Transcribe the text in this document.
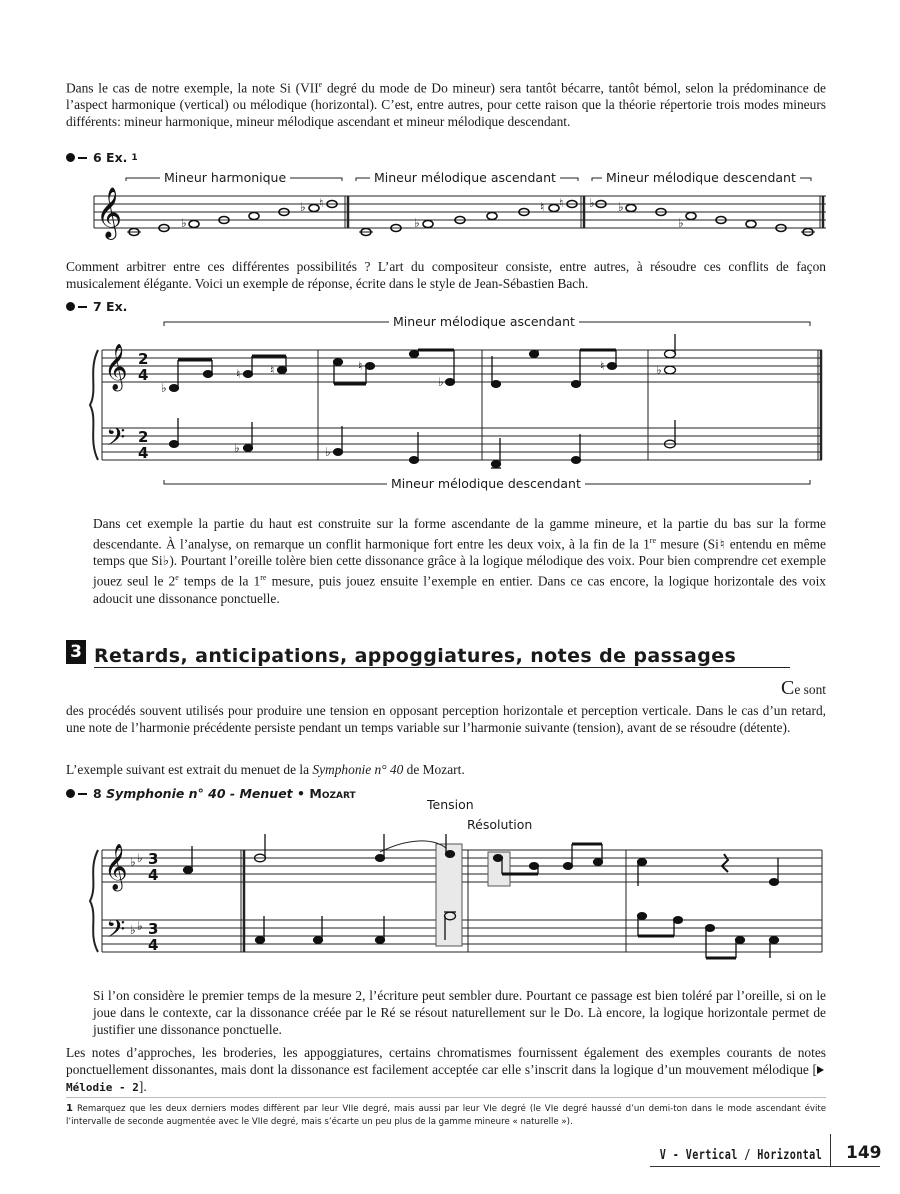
Dans le cas de notre exemple, la note Si (VIIe degré du mode de Do mineur) sera tantôt bécarre, tantôt bémol, selon la prédominance de l’aspect harmonique (vertical) ou mélodique (horizontal). C’est, entre autres, pour cette raison que la théorie répertorie trois modes mineurs différents: mineur harmonique, mineur mélodique ascendant et mineur mélodique descendant.

6 Ex. 1
𝄞	♭
♭ ♮
♭
♮ ♮ ♭ ♭
♭
Mineur harmonique	Mineur mélodique ascendant	Mineur mélodique descendant

Comment arbitrer entre ces différentes possibilités ? L’art du compositeur consiste, entre autres, à résoudre ces conflits de façon musicalement élégante. Voici un exemple de réponse, écrite dans le style de Jean-Sébastien Bach.

7 Ex.
𝄞
𝄢
2
4
2
4
♭
♮ ♮	♮
♭
♮	♭
♭	♭
Mineur mélodique ascendant
Mineur mélodique descendant

Dans cet exemple la partie du haut est construite sur la forme ascendante de la gamme mineure, et la partie du bas sur la forme descendante. À l’analyse, on remarque un conflit harmonique fort entre les deux voix, à la fin de la 1re mesure (Si♮ entendu en même temps que Si♭). Pourtant l’oreille tolère bien cette dissonance grâce à la logique mélodique des voix. Pour bien comprendre cet exemple jouez seul le 2e temps de la 1re mesure, puis jouez ensuite l’exemple en entier. Dans ce cas encore, la logique horizontale des voix adoucit une dissonance ponctuelle.

3 Retards, anticipations, appoggiatures, notes de passages
Ce sont

des procédés souvent utilisés pour produire une tension en opposant perception horizontale et perception verticale. Dans le cas d’un retard, une note de l’harmonie précédente persiste pendant un temps variable sur l’harmonie suivante (tension), avant de se résoudre (détente).

L’exemple suivant est extrait du menuet de la Symphonie n° 40 de Mozart.

8
Symphonie n° 40 - Menuet
•
Mozart
Tension
Résolution
𝄞
𝄢
♭ ♭
♭ ♭
3
4
3
4

Si l’on considère le premier temps de la mesure 2, l’écriture peut sembler dure. Pourtant ce passage est bien toléré par l’oreille, si on le joue dans le contexte, car la dissonance créée par le Ré se résout naturellement sur le Do. Là encore, la logique horizontale permet de justifier une dissonance ponctuelle.

Les notes d’approches, les broderies, les appoggiatures, certains chromatismes fournissent également des exemples courants de notes ponctuellement dissonantes, mais dont la dissonance est facilement acceptée car elle s’inscrit dans la logique d’un mouvement mélodique [Mélodie - 2].

1 Remarquez que les deux derniers modes diffèrent par leur VIIe degré, mais aussi par leur VIe degré (le VIe degré haussé d’un demi-ton dans le mode ascendant évite l’intervalle de seconde augmentée avec le VIIe degré, mais s’écarte un peu plus de la gamme mineure « naturelle »).
V - Vertical / Horizontal 149
